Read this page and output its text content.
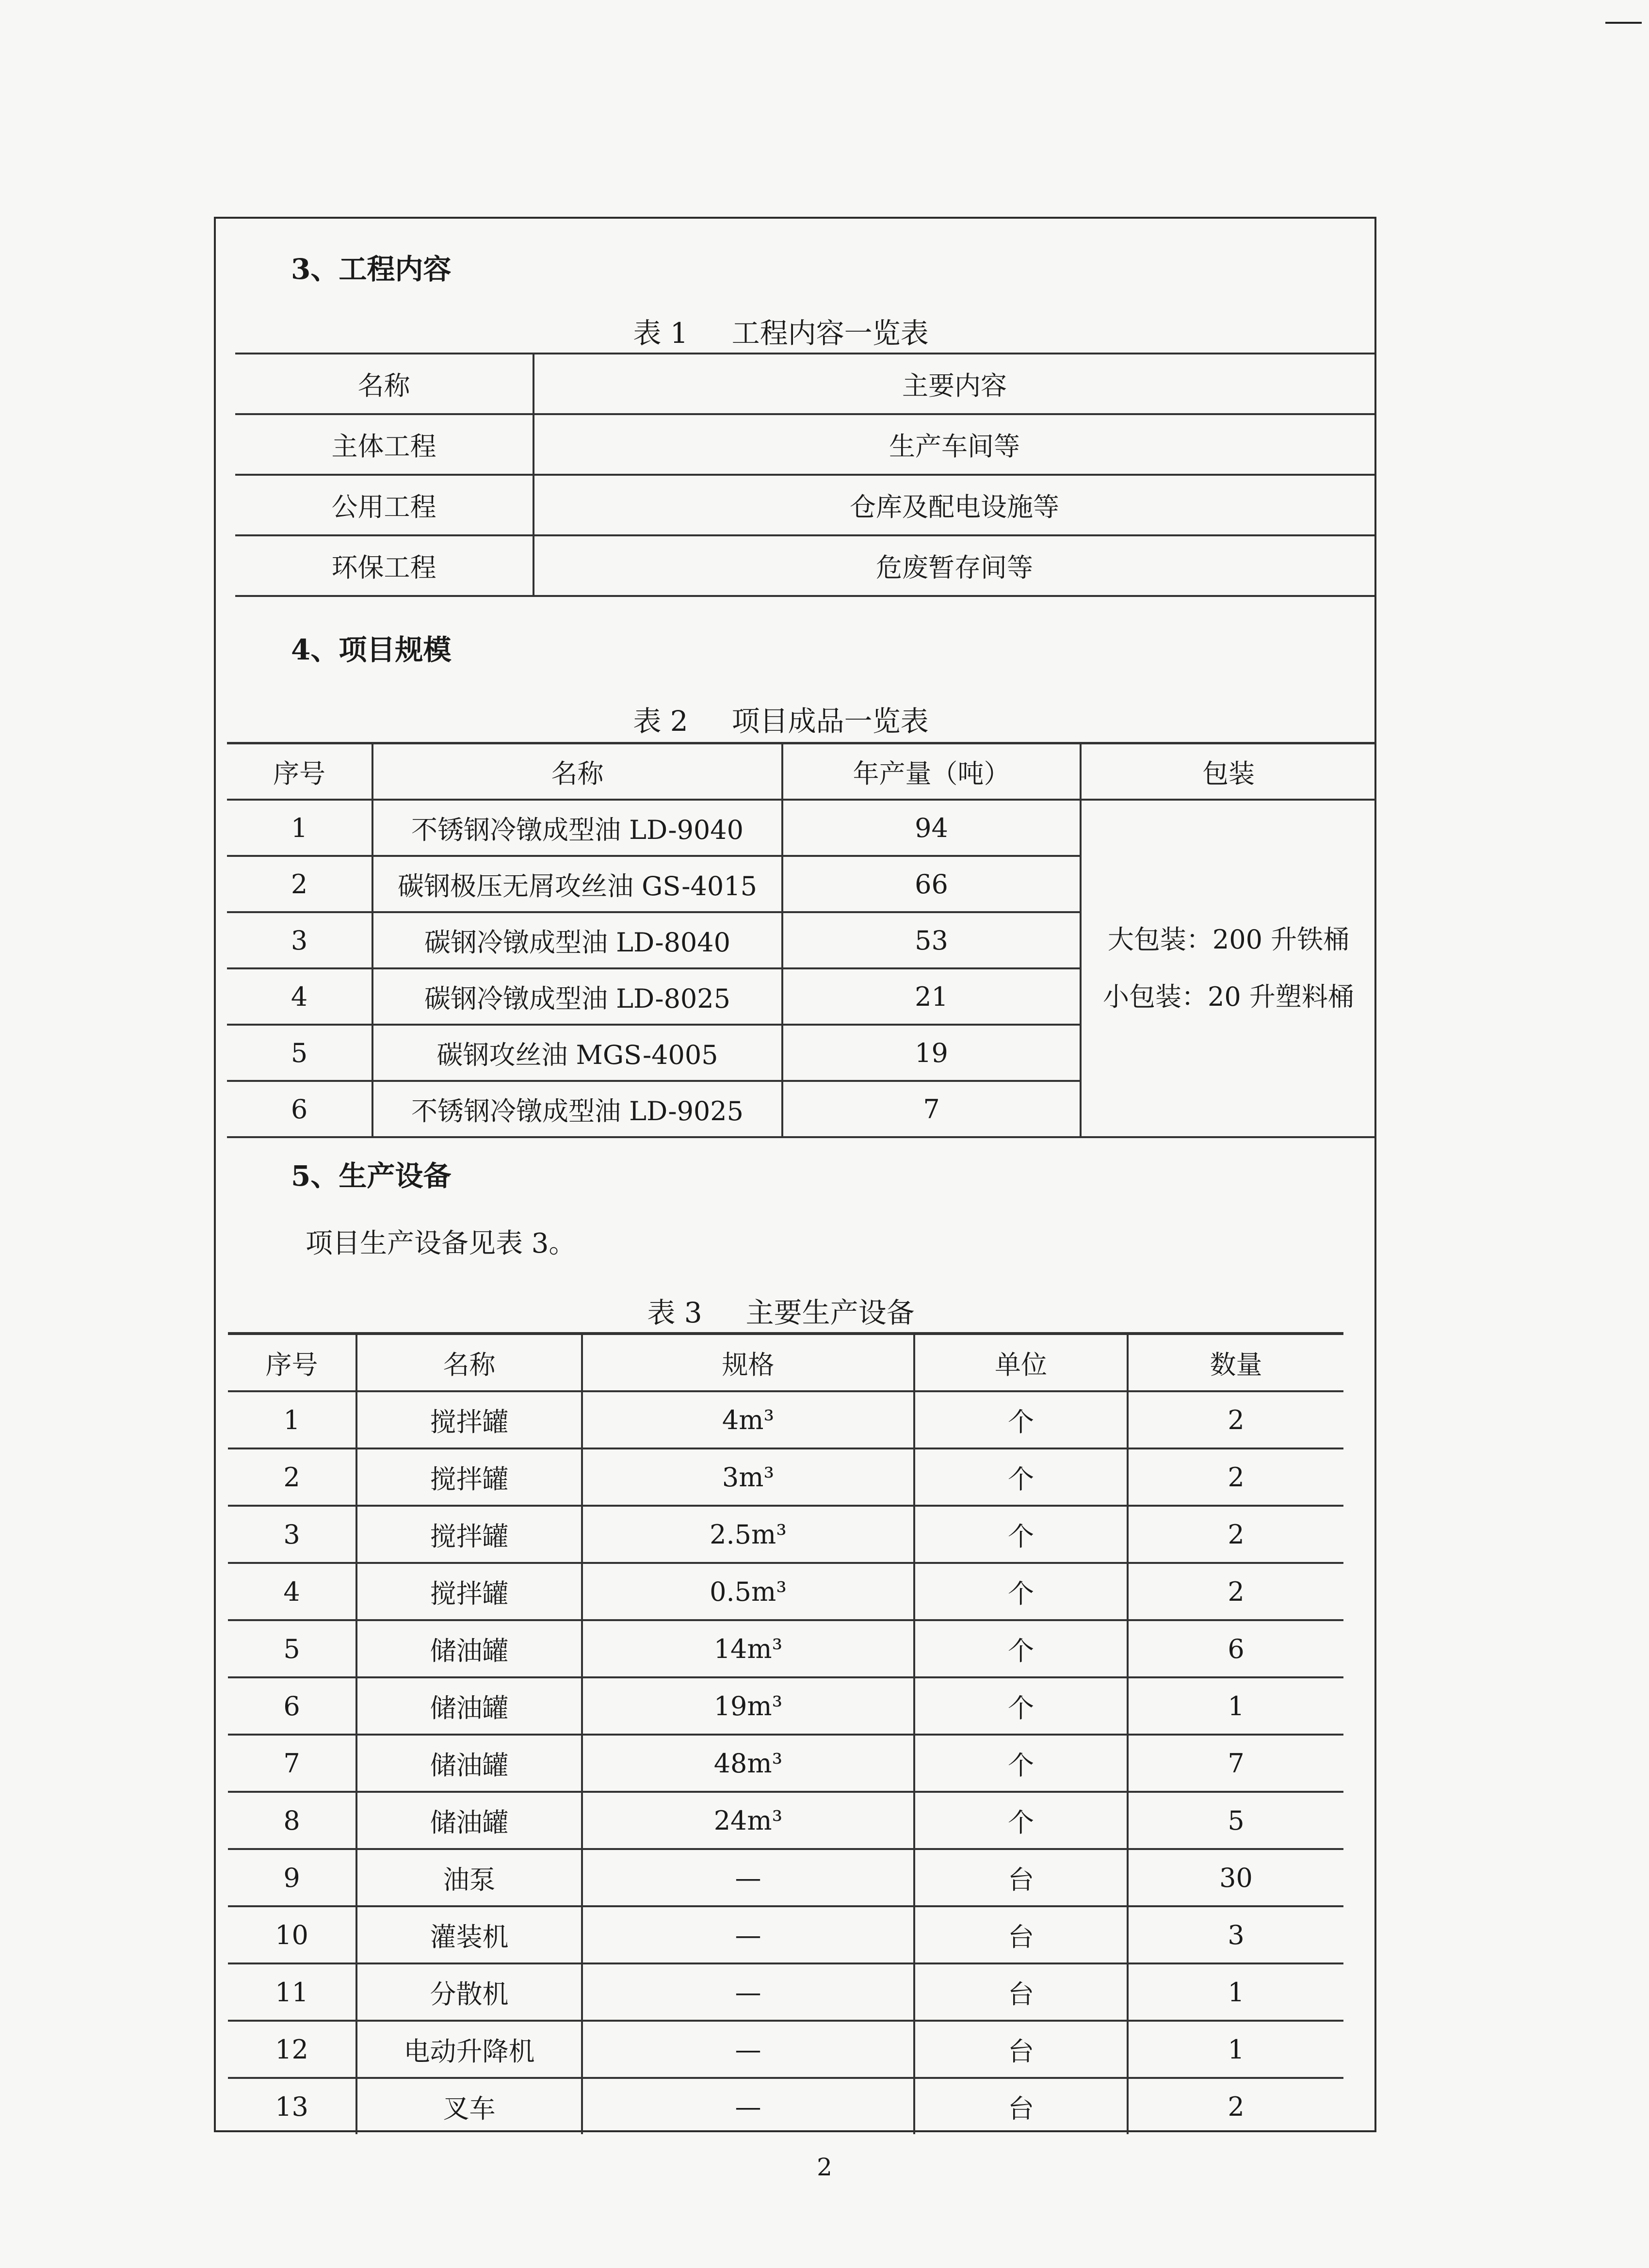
3、工程内容
表 1 工程内容一览表
名称	主要内容
主体工程	生产车间等
公用工程	仓库及配电设施等
环保工程	危废暂存间等
4、项目规模
表 2 项目成品一览表
序号	名称	年产量（吨）	包装
1	不锈钢冷镦成型油 LD-9040	94	大包装：200 升铁桶
小包装：20 升塑料桶

2	碳钢极压无屑攻丝油 GS-4015	66	
3	碳钢冷镦成型油 LD-8040	53	
4	碳钢冷镦成型油 LD-8025	21	
5	碳钢攻丝油 MGS-4005	19	
6	不锈钢冷镦成型油 LD-9025	7	
5、生产设备
项目生产设备见表 3。
表 3 主要生产设备
序号	名称	规格	单位	数量
1	搅拌罐	4m³	个	2
2	搅拌罐	3m³	个	2
3	搅拌罐	2.5m³	个	2
4	搅拌罐	0.5m³	个	2
5	储油罐	14m³	个	6
6	储油罐	19m³	个	1
7	储油罐	48m³	个	7
8	储油罐	24m³	个	5
9	油泵	—	台	30
10	灌装机	—	台	3
11	分散机	—	台	1
12	电动升降机	—	台	1
13	叉车	—	台	2
2
